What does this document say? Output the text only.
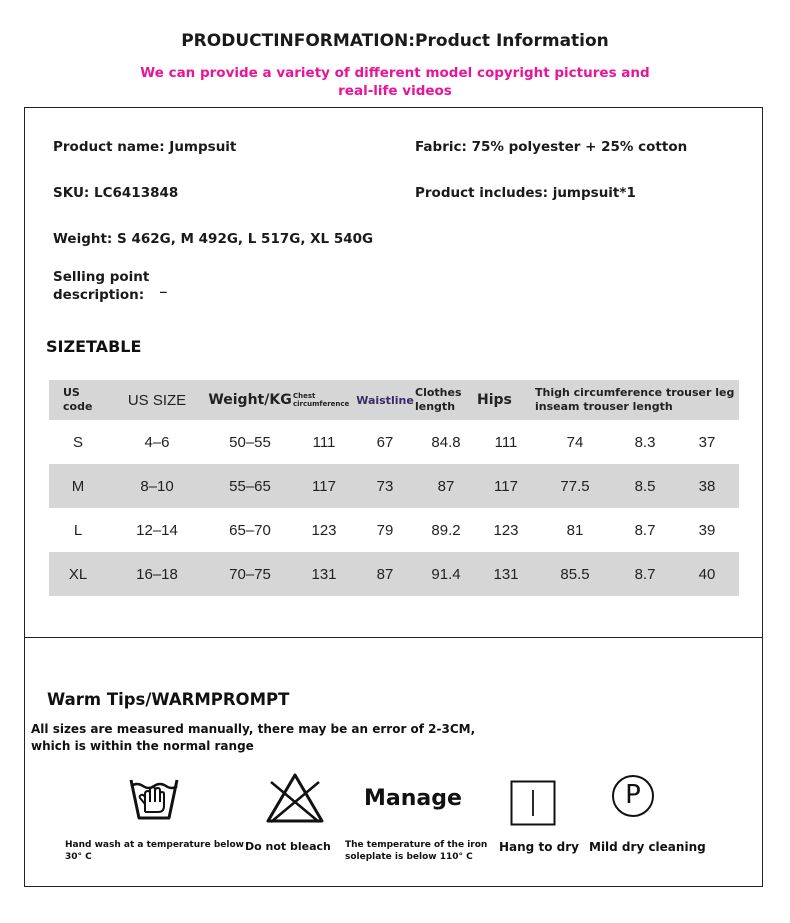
PRODUCTINFORMATION:Product Information
We can provide a variety of different model copyright pictures and
real-life videos
Product name: Jumpsuit	Fabric: 75% polyester + 25% cotton
SKU: LC6413848	Product includes: jumpsuit*1
Weight: S 462G, M 492G, L 517G, XL 540G
Selling point
description:
_
SIZETABLE
US code	US SIZE	Weight/KG	Chest circumference	Waistline	Clothes length	Hips	Thigh circumference trouser leg inseam trouser length		
S	4–6	50–55	111	67	84.8	111	74	8.3	37
M	8–10	55–65	117	73	87	117	77.5	8.5	38
L	12–14	65–70	123	79	89.2	123	81	8.7	39
XL	16–18	70–75	131	87	91.4	131	85.5	8.7	40
Warm Tips/WARMPROMPT
All sizes are measured manually, there may be an error of 2-3CM,
which is within the normal range
Hand wash at a temperature below
30° C
Do not bleach
Manage
The temperature of the iron
soleplate is below 110° C
Hang to dry
P
Mild dry cleaning
